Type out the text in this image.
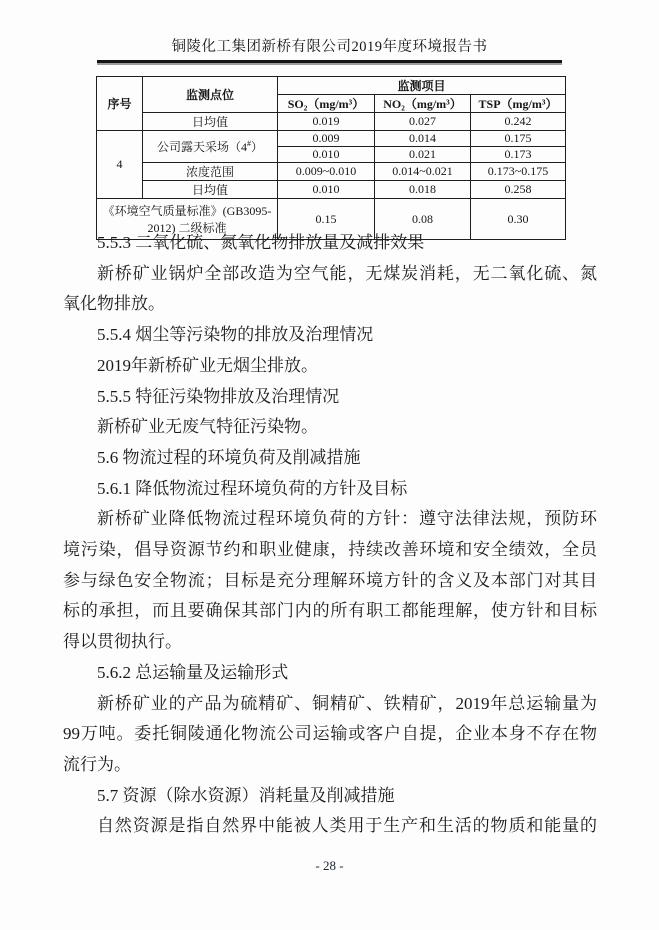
铜陵化工集团新桥有限公司2019年度环境报告书
序号	监测点位	监测项目		
		SO₂（mg/m³）	NO₂（mg/m³）	TSP（mg/m³）
	日均值	0.019	0.027	0.242
4	公司露天采场（4#）	0.009	0.014	0.175
		0.010	0.021	0.173
	浓度范围	0.009~0.010	0.014~0.021	0.173~0.175
	日均值	0.010	0.018	0.258
《环境空气质量标准》(GB3095-2012) 二级标准		0.15	0.08	0.30
5.5.3 二氧化硫、氮氧化物排放量及减排效果
新桥矿业锅炉全部改造为空气能，无煤炭消耗，无二氧化硫、氮
氧化物排放。
5.5.4 烟尘等污染物的排放及治理情况
2019年新桥矿业无烟尘排放。
5.5.5 特征污染物排放及治理情况
新桥矿业无废气特征污染物。
5.6 物流过程的环境负荷及削减措施
5.6.1 降低物流过程环境负荷的方针及目标
新桥矿业降低物流过程环境负荷的方针：遵守法律法规，预防环
境污染，倡导资源节约和职业健康，持续改善环境和安全绩效，全员
参与绿色安全物流；目标是充分理解环境方针的含义及本部门对其目
标的承担，而且要确保其部门内的所有职工都能理解，使方针和目标
得以贯彻执行。
5.6.2 总运输量及运输形式
新桥矿业的产品为硫精矿、铜精矿、铁精矿，2019年总运输量为
99万吨。委托铜陵通化物流公司运输或客户自提，企业本身不存在物
流行为。
5.7 资源（除水资源）消耗量及削减措施
自然资源是指自然界中能被人类用于生产和生活的物质和能量的
- 28 -
